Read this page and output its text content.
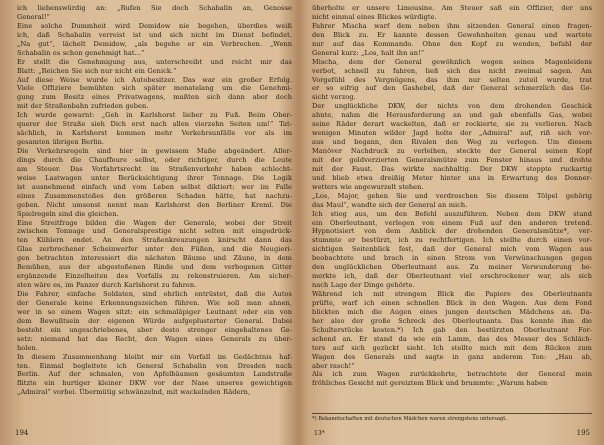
ich liebenswürdig an: „Rufen Sie doch Schabalin an, Genosse
General!“
Eine solche Dummheit wird Demidow nie begehen, überdies weiß
ich, daß Schabalin verreist ist und sich nicht im Dienst befindet.
„Na gut“, lächelt Demidow, „als begehe er ein Verbrechen. „Wenn
Schabalin es schon genehmigt hat...“
Er stellt die Genehmigung aus, unterschreibt und reicht mir das
Blatt: „Reichen Sie sich nur nicht ein Genick.“
Auf diese Weise wurde ich Autobesitzer. Das war ein großer Erfolg.
Viele Offiziere bemühten sich später monatelang um die Genehmi-
gung zum Besitz eines Privatwagens, mußten sich dann aber doch
mit der Straßenbahn zufrieden geben.
Ich wurde gewarnt: „Geh in Karlshorst lieber zu Fuß. Beim Ober-
querer der Straße sieh Dich erst nach allen vierzehn Seiten um!“ Tat-
sächlich, in Karlshorst kommen mehr Verkehrsunfälle vor als im
gesamten übrigen Berlin.
Die Verkehrsregeln sind hier in gewissem Maße abgeändert. Aller-
dings durch die Chauffeure selbst, oder richtiger, durch die Leute
am Steuer. Das Vorfahrtsrecht im Straßenverkehr haben schlecht-
weise Lastwagen unter Berücksichtigung ihrer Tonnage. Die Logik
ist ausnehmend einfach und vom Leben selbst diktiert: wer im Falle
eines Zusammenstoßes den größeren Schaden hätte, hat nachzu-
geben. Nicht umsonst nennt man Karlshorst den Berliner Kreml. Die
Spielregeln sind die gleichen.
Eine Streitfrage bilden die Wagen der Generale, wobei der Streit
zwischen Tonnage und Generalsprestige nicht selten mit eingedrück-
ten Kühlern endet. An den Straßenkreuzungen knirscht dann das
Glas zerbrochener Scheinwerfer unter den Füßen, und die Neugieri-
gen betrachten interessiert die nächsten Bäume und Zäune, in dem
Bemühen, aus der abgestoßenen Rinde und dem verbogenen Gitter
ergänzende Einzelheiten des Vorfalls zu rekonstruieren. Am sicher-
sten wäre es, im Panzer durch Karlshorst zu fahren.
Die Fahrer, einfache Soldaten, sind ehrlich entrüstet, daß die Autos
der Generale keine Erkennungszeichen führen. Wie soll man ahnen,
wer in so einem Wagen sitzt: ein schmaläpiger Leutnant oder ein von
dem Bewußtsein der eigenen Würde aufgeplusterter General. Dabei
besteht ein ungeschriebenes, aber desto strenger eingehaltenes Ge-
setz: niemand hat das Recht, den Wagen eines Generals zu über-
holen.
In diesem Zusammenhang bleibt mir ein Vorfall im Gedächtnis haf-
ten. Einmal begleitete ich General Schabalin von Dresden nach
Berlin. Auf der schmalen, von Apfelbäumen gesäumten Landstraße
flitzte ein hurtiger kleiner DKW vor der Nase unseres gewichtigen
„Admiral“ vorbei. Übermütig schwänzelnd, mit wackelnden Rädern,
194
überholte er unsere Limousine. Am Steuer saß ein Offizier, der uns
nicht einmal eines Blickes würdigte.
Fahrer Mischa warf dem neben ihm sitzenden General einen fragen-
den Blick zu. Er kannte dessen Gewohnheiten genau und wartete
nur auf das Kommando. Ohne den Kopf zu wenden, befahl der
General kurz: „Los, halt ihn an!“
Mischa, dem der General gewöhnlich wegen seines Magenleidens
verbot, schnell zu fahren, ließ sich das nicht zweimal sagen. Am
Vorgefühl des Vergnügens, das ihm nur selten zuteil wurde, trat
er so eifrig auf den Gashebel, daß der General schmerzlich das Ge-
sicht verzog.
Der unglückliche DKW, der nichts von dem drohenden Geschick
ahnte, nahm die Herausforderung an und gab ebenfalls Gas, wobei
seine Räder derart wackelten, daß er rockierte, sie zu verlieren. Nach
wenigen Minuten wilder Jagd holte der „Admiral“ auf, riß sich vor-
aus und begann, den Rivalen den Weg zu verlegen. Um diesem
Manöver Nachdruck zu verleihen, steckte der General seinen Kopf
mit der goldverzierten Generalsmütze zum Fenster hinaus und drohte
mit der Faust. Das wirkte nachhaltig. Der DKW stoppte ruckartig
und blieb etwa dreißig Meter hinter uns in Erwartung des Donner-
wetters wie angewurzelt stehen.
„Los, Major, gehen Sie und verdreschen Sie diesem Tölpel gehörig
das Maul“, wandte sich der General an mich.
Ich stieg aus, um den Befehl auszuführen. Neben dem DKW stand
ein Oberleutnant, verlegen von einem Fuß auf den anderen tretend.
Hypnotisiert von dem Anblick der drohenden Generalsmütze*, ver-
stummte er bestürzt, ich zu rechtfertigen. Ich stellte durch einen vor-
sichtigen Seitenblick fest, daß der General mich vom Wagen aus
beobachtete und brach in einen Strom von Verwünschungen gegen
den unglücklichen Oberleutnant aus. Zu meiner Verwunderung be-
merkte ich, daß der Oberleutnant viel erschrockener war, als sich
nach Lage der Dinge gehörte.
Während ich mit strengem Blick die Papiere des Oberleutnants
prüfte, warf ich einen schnellen Blick in den Wagen. Aus dem Fond
blickten mich die Augen eines jungen deutschen Mädchens an. Da-
her also der große Schreck des Oberleutnants. Das konnte ihm die
Schulterstücke kosten.*) Ich gab den bestürzten Oberleutnant For-
schend an. Er stand da wie ein Lamm, das des Messer des Schläch-
ters auf sich gezückt sieht. Ich stellte mich mit dem Rücken zum
Wagen des Generals und sagte in ganz anderem Ton: „Hau ab,
aber rasch!“
Als ich zum Wagen zurückkehrte, betrachtete der General mein
fröhliches Gesicht mit gereiztem Blick und brummte: „Warum haben
*) Bekanntschaften mit deutschen Mädchen waren strengstens untersagt.
13*	195
